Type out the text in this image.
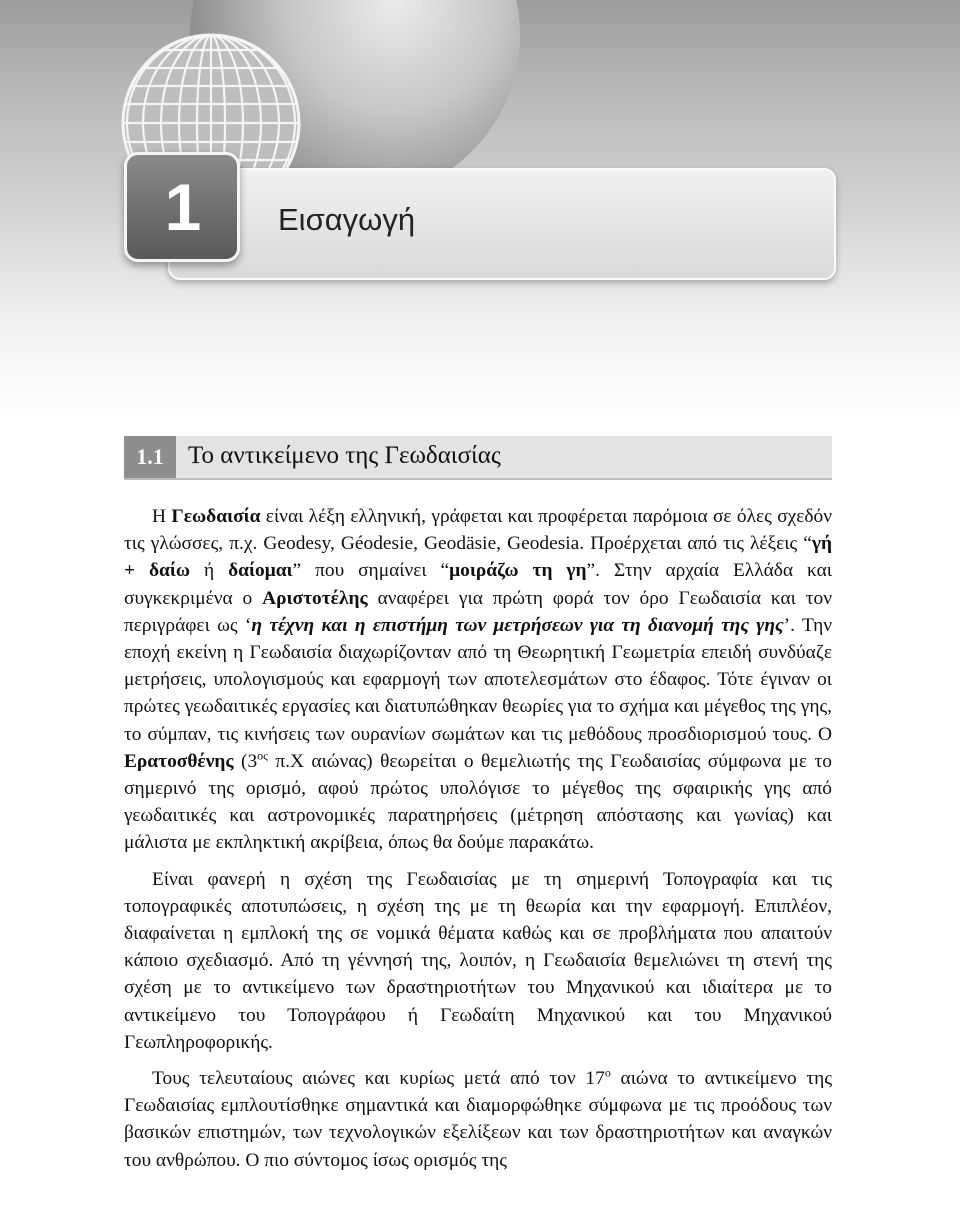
Εισαγωγή
1
1.1 Το αντικείμενο της Γεωδαισίας

Η Γεωδαισία είναι λέξη ελληνική, γράφεται και προφέρεται παρόμοια σε όλες σχεδόν τις γλώσσες, π.χ. Geodesy, Géodesie, Geodäsie, Geodesia. Προέρχεται από τις λέξεις “γή + δαίω ή δαίομαι” που σημαίνει “μοιράζω τη γη”. Στην αρχαία Ελλάδα και συγκεκριμένα ο Αριστοτέλης αναφέρει για πρώτη φορά τον όρο Γεωδαισία και τον περιγράφει ως ‘η τέχνη και η επιστήμη των μετρήσεων για τη διανομή της γης’. Την εποχή εκείνη η Γεωδαισία διαχωρίζονταν από τη Θεωρητική Γεωμετρία επειδή συνδύαζε μετρήσεις, υπολογισμούς και εφαρμογή των αποτελεσμάτων στο έδαφος. Τότε έγιναν οι πρώτες γεωδαιτικές εργασίες και διατυπώθηκαν θεωρίες για το σχήμα και μέγεθος της γης, το σύμπαν, τις κινήσεις των ουρανίων σωμάτων και τις μεθόδους προσδιορισμού τους. Ο Ερατοσθένης ($3^{o\varsigma}$ π.Χ αιώνας) θεωρείται ο θεμελιωτής της Γεωδαισίας σύμφωνα με το σημερινό της ορισμό, αφού πρώτος υπολόγισε το μέγεθος της σφαιρικής γης από γεωδαιτικές και αστρονομικές παρατηρήσεις (μέτρηση απόστασης και γωνίας) και μάλιστα με εκπληκτική ακρίβεια, όπως θα δούμε παρακάτω.

Είναι φανερή η σχέση της Γεωδαισίας με τη σημερινή Τοπογραφία και τις τοπογραφικές αποτυπώσεις, η σχέση της με τη θεωρία και την εφαρμογή. Επιπλέον, διαφαίνεται η εμπλοκή της σε νομικά θέματα καθώς και σε προβλήματα που απαιτούν κάποιο σχεδιασμό. Από τη γέννησή της, λοιπόν, η Γεωδαισία θεμελιώνει τη στενή της σχέση με το αντικείμενο των δραστηριοτήτων του Μηχανικού και ιδιαίτερα με το αντικείμενο του Τοπογράφου ή Γεωδαίτη Μηχανικού και του Μηχανικού Γεωπληροφορικής.

Τους τελευταίους αιώνες και κυρίως μετά από τον $17^o$ αιώνα το αντικείμενο της Γεωδαισίας εμπλουτίσθηκε σημαντικά και διαμορφώθηκε σύμφωνα με τις προόδους των βασικών επιστημών, των τεχνολογικών εξελίξεων και των δραστηριοτήτων και αναγκών του ανθρώπου. Ο πιο σύντομος ίσως ορισμός της
